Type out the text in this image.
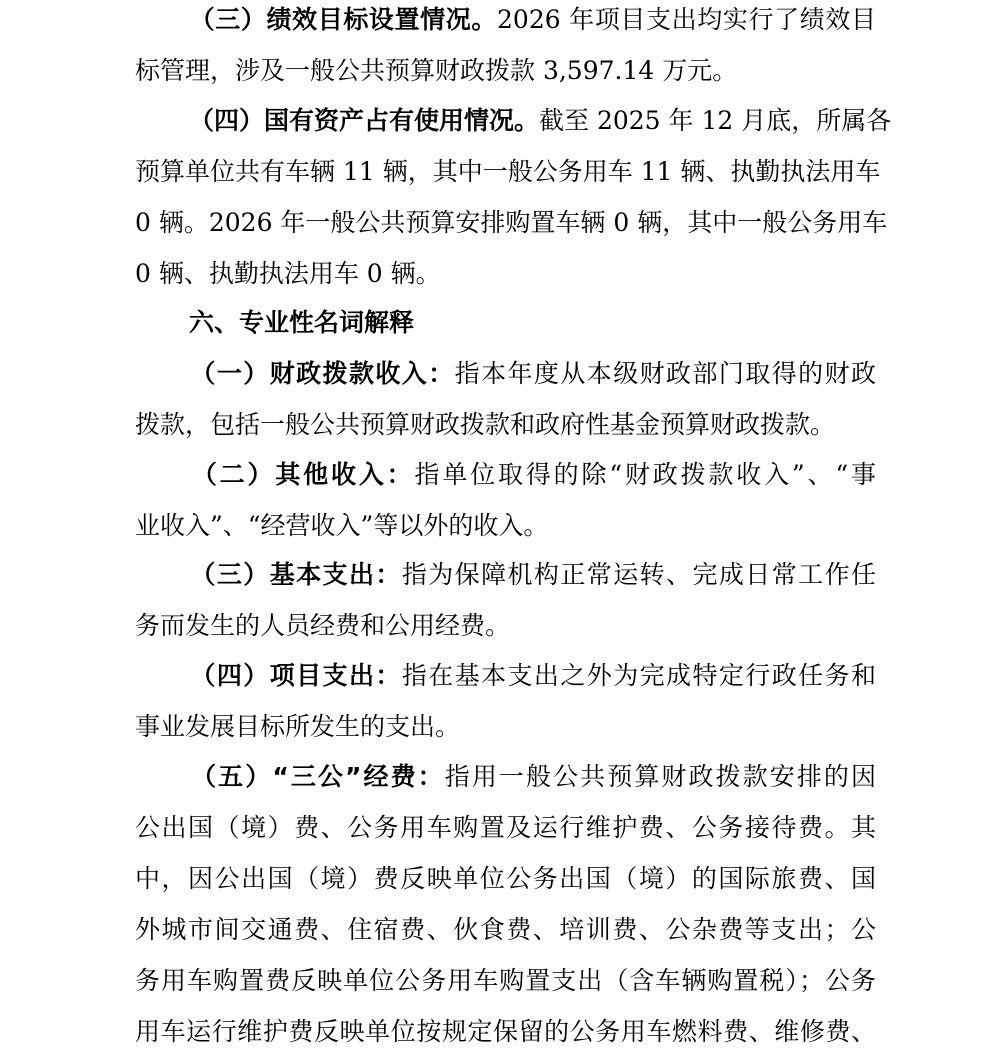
（三）绩效目标设置情况。2026 年项目支出均实行了绩效目
标管理，涉及一般公共预算财政拨款 3,597.14 万元。
（四）国有资产占有使用情况。截至 2025 年 12 月底，所属各
预算单位共有车辆 11 辆，其中一般公务用车 11 辆、执勤执法用车
0 辆。2026 年一般公共预算安排购置车辆 0 辆，其中一般公务用车
0 辆、执勤执法用车 0 辆。
六、专业性名词解释
（一）财政拨款收入：指本年度从本级财政部门取得的财政
拨款，包括一般公共预算财政拨款和政府性基金预算财政拨款。
（二）其他收入：指单位取得的除“财政拨款收入”、“事
业收入”、“经营收入”等以外的收入。
（三）基本支出：指为保障机构正常运转、完成日常工作任
务而发生的人员经费和公用经费。
（四）项目支出：指在基本支出之外为完成特定行政任务和
事业发展目标所发生的支出。
（五）“三公”经费：指用一般公共预算财政拨款安排的因
公出国（境）费、公务用车购置及运行维护费、公务接待费。其
中，因公出国（境）费反映单位公务出国（境）的国际旅费、国
外城市间交通费、住宿费、伙食费、培训费、公杂费等支出；公
务用车购置费反映单位公务用车购置支出（含车辆购置税）；公务
用车运行维护费反映单位按规定保留的公务用车燃料费、维修费、
